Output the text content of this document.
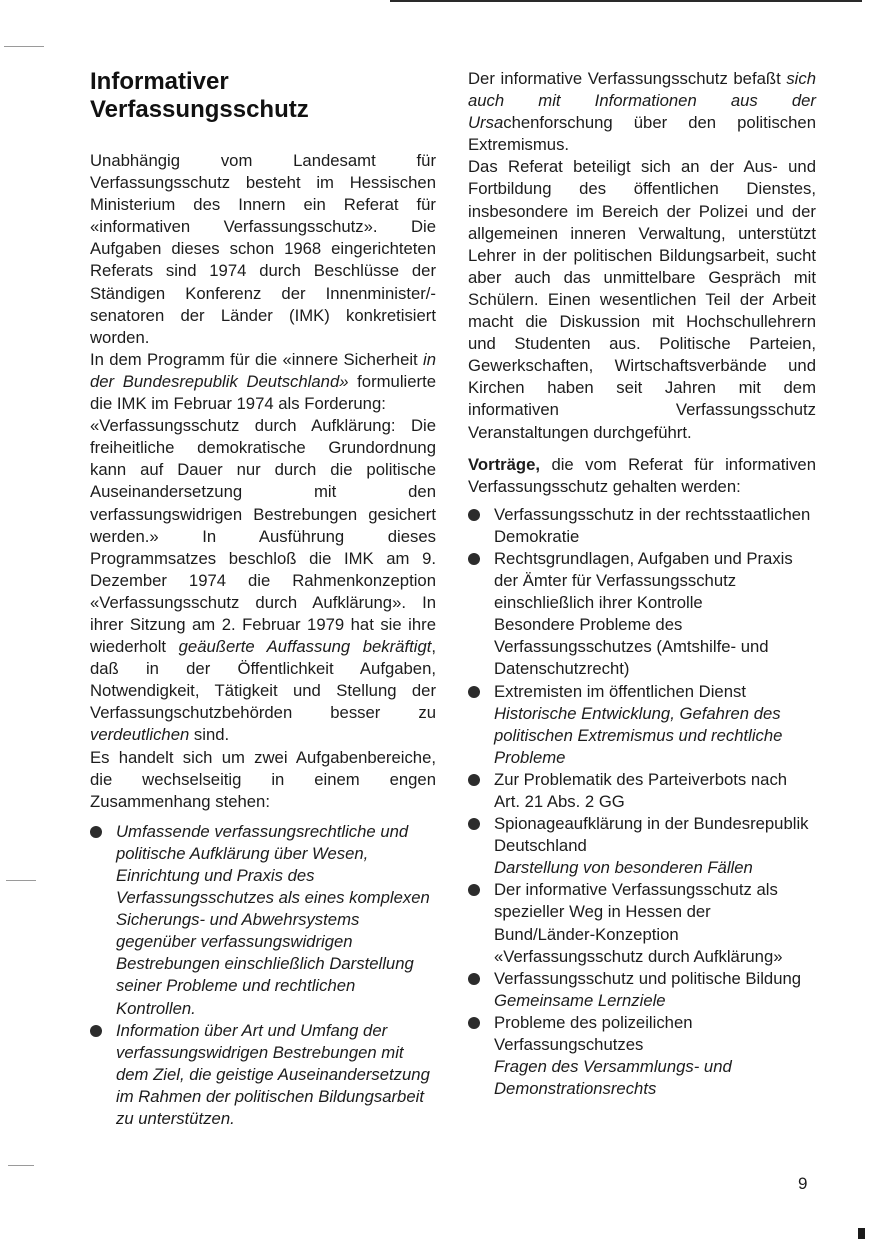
Informativer
Verfassungsschutz

Unabhängig vom Landesamt für Verfassungsschutz besteht im Hessischen Ministerium des Innern ein Referat für «informativen Verfassungsschutz». Die Aufgaben dieses schon 1968 eingerichteten Referats sind 1974 durch Beschlüsse der Ständigen Konferenz der Innenminister/-senatoren der Länder (IMK) konkretisiert worden.

In dem Programm für die «innere Sicherheit in der Bundesrepublik Deutschland» formulierte die IMK im Februar 1974 als Forderung:

«Verfassungsschutz durch Aufklärung: Die freiheitliche demokratische Grundordnung kann auf Dauer nur durch die politische Auseinandersetzung mit den verfassungswidrigen Bestrebungen gesichert werden.» In Ausführung dieses Programmsatzes beschloß die IMK am 9. Dezember 1974 die Rahmenkonzeption «Verfassungsschutz durch Aufklärung». In ihrer Sitzung am 2. Februar 1979 hat sie ihre wiederholt geäußerte Auffassung bekräftigt, daß in der Öffentlichkeit Aufgaben, Notwendigkeit, Tätigkeit und Stellung der Verfassungschutzbehörden besser zu verdeutlichen sind.

Es handelt sich um zwei Aufgabenbereiche, die wechselseitig in einem engen Zusammenhang stehen:

Umfassende verfassungsrechtliche und politische Aufklärung über Wesen, Einrichtung und Praxis des Verfassungsschutzes als eines komplexen Sicherungs- und Abwehrsystems gegenüber verfassungswidrigen Bestrebungen einschließlich Darstellung seiner Probleme und rechtlichen Kontrollen.
Information über Art und Umfang der verfassungswidrigen Bestrebungen mit dem Ziel, die geistige Auseinandersetzung im Rahmen der politischen Bildungsarbeit zu unterstützen.

Der informative Verfassungsschutz befaßt sich auch mit Informationen aus der Ursachenforschung über den politischen Extremismus.

Das Referat beteiligt sich an der Aus- und Fortbildung des öffentlichen Dienstes, insbesondere im Bereich der Polizei und der allgemeinen inneren Verwaltung, unterstützt Lehrer in der politischen Bildungsarbeit, sucht aber auch das unmittelbare Gespräch mit Schülern. Einen wesentlichen Teil der Arbeit macht die Diskussion mit Hochschullehrern und Studenten aus. Politische Parteien, Gewerkschaften, Wirtschaftsverbände und Kirchen haben seit Jahren mit dem informativen Verfassungsschutz Veranstaltungen durchgeführt.

Vorträge, die vom Referat für informativen Verfassungsschutz gehalten werden:

Verfassungsschutz in der rechtsstaatlichen Demokratie
Rechtsgrundlagen, Aufgaben und Praxis der Ämter für Verfassungsschutz einschließlich ihrer Kontrolle
Besondere Probleme des Verfassungsschutzes (Amtshilfe- und Datenschutzrecht)
Extremisten im öffentlichen Dienst
Historische Entwicklung, Gefahren des politischen Extremismus und rechtliche Probleme
Zur Problematik des Parteiverbots nach Art. 21 Abs. 2 GG
Spionageaufklärung in der Bundesrepublik Deutschland
Darstellung von besonderen Fällen
Der informative Verfassungsschutz als spezieller Weg in Hessen der Bund/Länder-Konzeption «Verfassungsschutz durch Aufklärung»
Verfassungsschutz und politische Bildung
Gemeinsame Lernziele
Probleme des polizeilichen Verfassungschutzes
Fragen des Versammlungs- und Demonstrationsrechts
9
